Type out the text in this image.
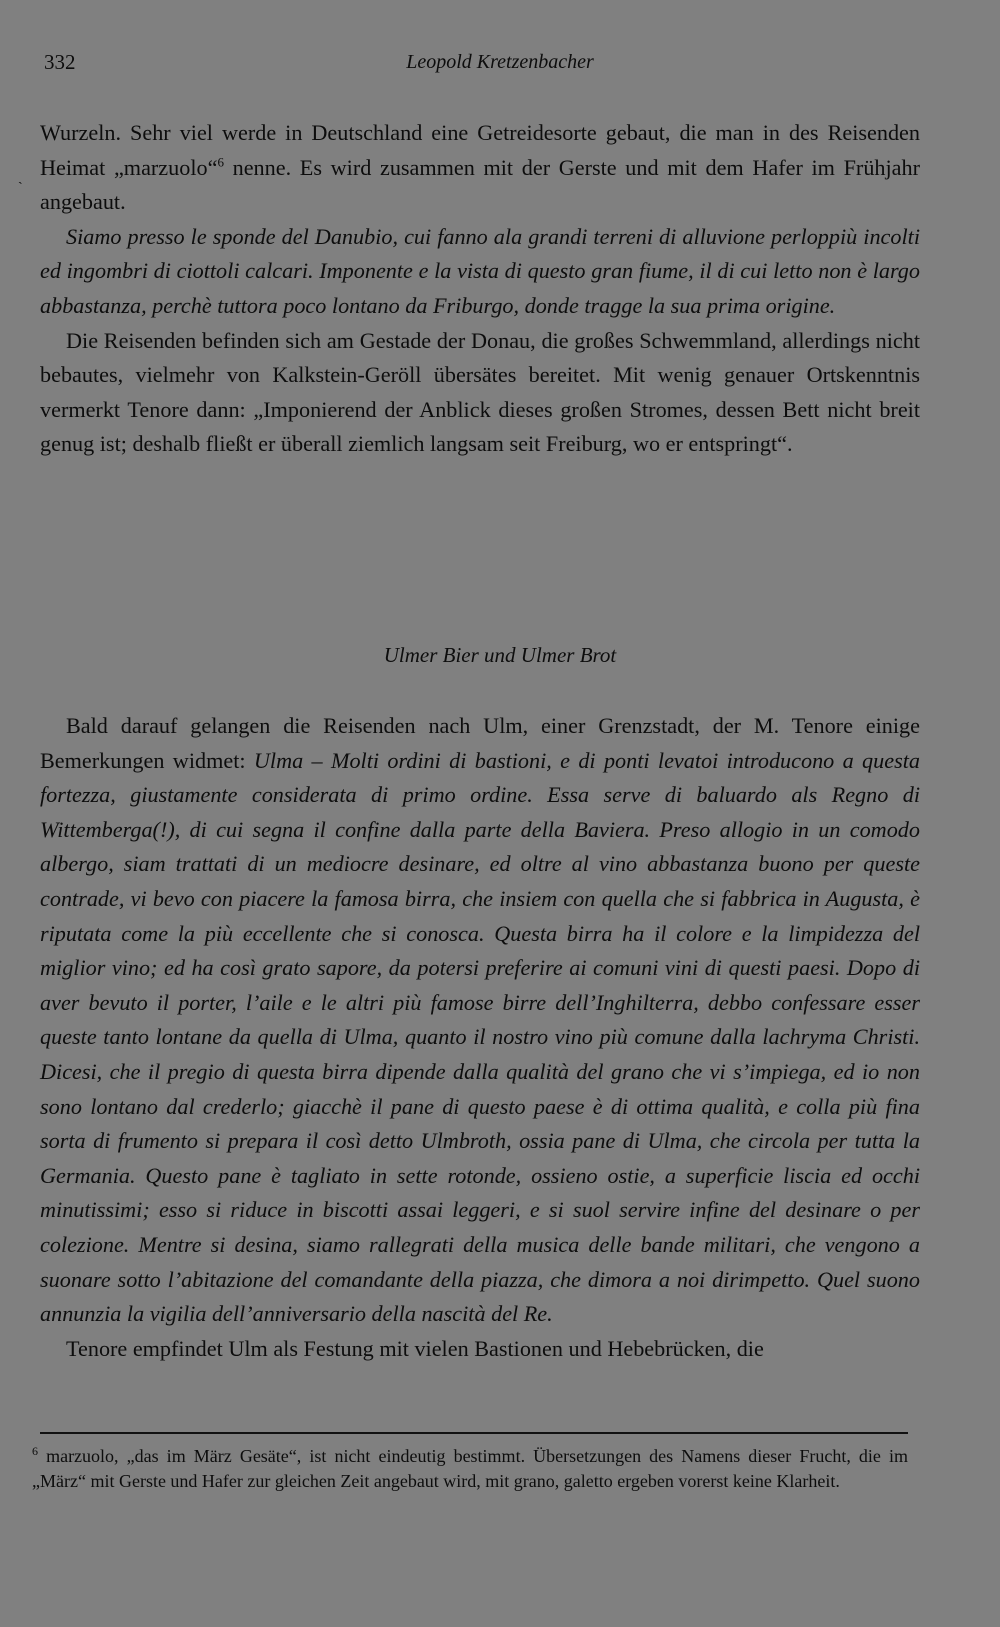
332	Leopold Kretzenbacher
ˎ

Wurzeln. Sehr viel werde in Deutschland eine Getreidesorte gebaut, die man in des Reisenden Heimat „marzuolo“$^6$ nenne. Es wird zusammen mit der Gerste und mit dem Hafer im Frühjahr angebaut.

Siamo presso le sponde del Danubio, cui fanno ala grandi terreni di alluvione perloppiù incolti ed ingombri di ciottoli calcari. Imponente e la vista di questo gran fiume, il di cui letto non è largo abbastanza, perchè tuttora poco lontano da Friburgo, donde tragge la sua prima origine.

Die Reisenden befinden sich am Gestade der Donau, die großes Schwemmland, allerdings nicht bebautes, vielmehr von Kalkstein-Geröll übersätes bereitet. Mit wenig genauer Ortskenntnis vermerkt Tenore dann: „Imponierend der Anblick dieses großen Stromes, dessen Bett nicht breit genug ist; deshalb fließt er überall ziemlich langsam seit Freiburg, wo er entspringt“.

Ulmer Bier und Ulmer Brot

Bald darauf gelangen die Reisenden nach Ulm, einer Grenzstadt, der M. Tenore einige Bemerkungen widmet: Ulma – Molti ordini di bastioni, e di ponti levatoi introducono a questa fortezza, giustamente considerata di primo ordine. Essa serve di baluardo als Regno di Wittemberga(!), di cui segna il confine dalla parte della Baviera. Preso allogio in un comodo albergo, siam trattati di un mediocre desinare, ed oltre al vino abbastanza buono per queste contrade, vi bevo con piacere la famosa birra, che insiem con quella che si fabbrica in Augusta, è riputata come la più eccellente che si conosca. Questa birra ha il colore e la limpidezza del miglior vino; ed ha così grato sapore, da potersi preferire ai comuni vini di questi paesi. Dopo di aver bevuto il porter, l’aile e le altri più famose birre dell’Inghilterra, debbo confessare esser queste tanto lontane da quella di Ulma, quanto il nostro vino più comune dalla lachryma Christi. Dicesi, che il pregio di questa birra dipende dalla qualità del grano che vi s’impiega, ed io non sono lontano dal crederlo; giacchè il pane di questo paese è di ottima qualità, e colla più fina sorta di frumento si prepara il così detto Ulmbroth, ossia pane di Ulma, che circola per tutta la Germania. Questo pane è tagliato in sette rotonde, ossieno ostie, a superficie liscia ed occhi minutissimi; esso si riduce in biscotti assai leggeri, e si suol servire infine del desinare o per colezione. Mentre si desina, siamo rallegrati della musica delle bande militari, che vengono a suonare sotto l’abitazione del comandante della piazza, che dimora a noi dirimpetto. Quel suono annunzia la vigilia dell’anniversario della nascità del Re.

Tenore empfindet Ulm als Festung mit vielen Bastionen und Hebebrücken, die

$^6$ marzuolo, „das im März Gesäte“, ist nicht eindeutig bestimmt. Übersetzungen des Namens dieser Frucht, die im „März“ mit Gerste und Hafer zur gleichen Zeit angebaut wird, mit grano, galetto ergeben vorerst keine Klarheit.
